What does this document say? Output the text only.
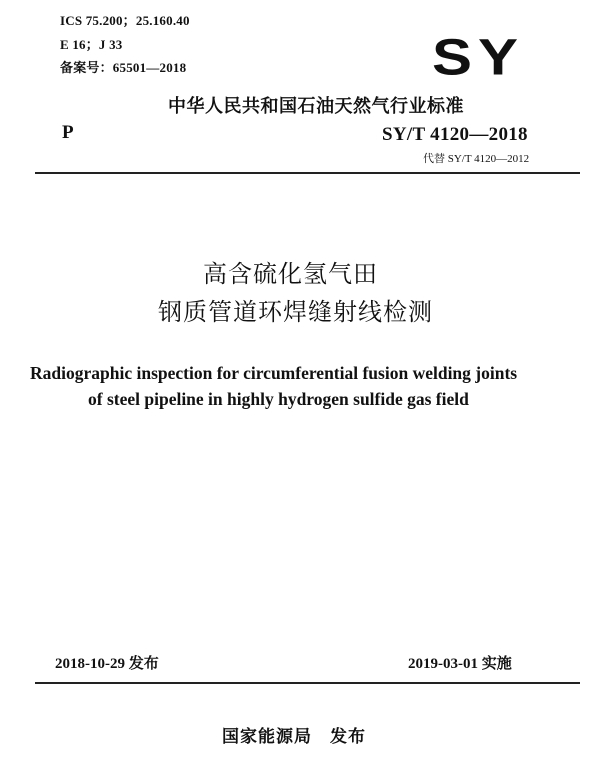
ICS 75.200；25.160.40
E 16；J 33
备案号：65501—2018	SY
中华人民共和国石油天然气行业标准
P	SY/T 4120—2018
代替 SY/T 4120—2012
高含硫化氢气田
钢质管道环焊缝射线检测
Radiographic inspection for circumferential fusion welding joints
of steel pipeline in highly hydrogen sulfide gas field
2018-10-29 发布	2019-03-01 实施
国家能源局　发布
